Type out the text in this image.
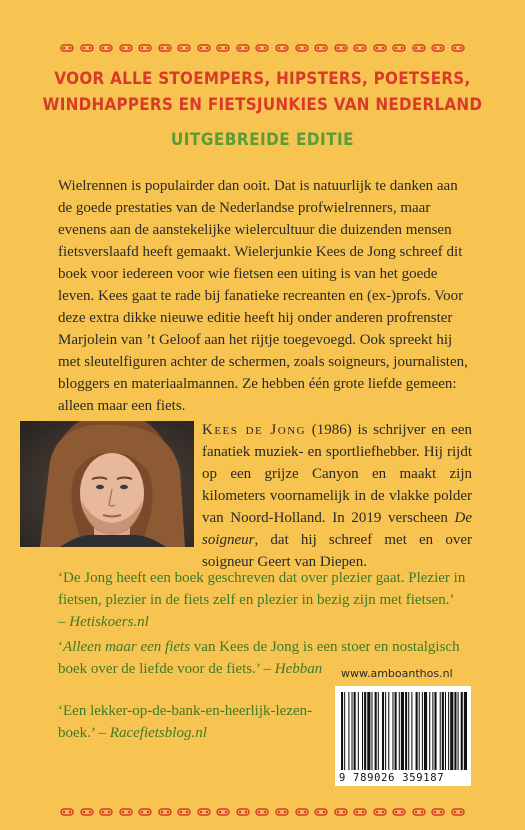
VOOR ALLE STOEMPERS, HIPSTERS, POETSERS,
WINDHAPPERS EN FIETSJUNKIES VAN NEDERLAND
UITGEBREIDE EDITIE

Wielrennen is populairder dan ooit. Dat is natuurlijk te danken aan de goede prestaties van de Nederlandse profwielrenners, maar evenens aan de aanstekelijke wielercultuur die duizenden mensen fietsverslaafd heeft gemaakt. Wielerjunkie Kees de Jong schreef dit boek voor iedereen voor wie fietsen een uiting is van het goede leven. Kees gaat te rade bij fanatieke recreanten en (ex-)profs. Voor deze extra dikke nieuwe editie heeft hij onder anderen profrenster Marjolein van ’t Geloof aan het rijtje toegevoegd. Ook spreekt hij met sleutelfiguren achter de schermen, zoals soigneurs, journalisten, bloggers en materiaalmannen. Ze hebben één grote liefde gemeen: alleen maar een fiets.

Kees de Jong (1986) is schrijver en een fanatiek muziek- en sportliefhebber. Hij rijdt op een grijze Canyon en maakt zijn kilometers voornamelijk in de vlakke polder van Noord-Holland. In 2019 verscheen De soigneur, dat hij schreef met en over soigneur Geert van Diepen.

‘De Jong heeft een boek geschreven dat over plezier gaat. Plezier in fietsen, plezier in de fiets zelf en plezier in bezig zijn met fietsen.’
– Hetiskoers.nl

‘Alleen maar een fiets van Kees de Jong is een stoer en nostalgisch boek over de liefde voor de fiets.’ – Hebban

‘Een lekker-op-de-bank-en-heerlijk-lezen-boek.’ – Racefietsblog.nl

www.amboanthos.nl
9 789026 359187
